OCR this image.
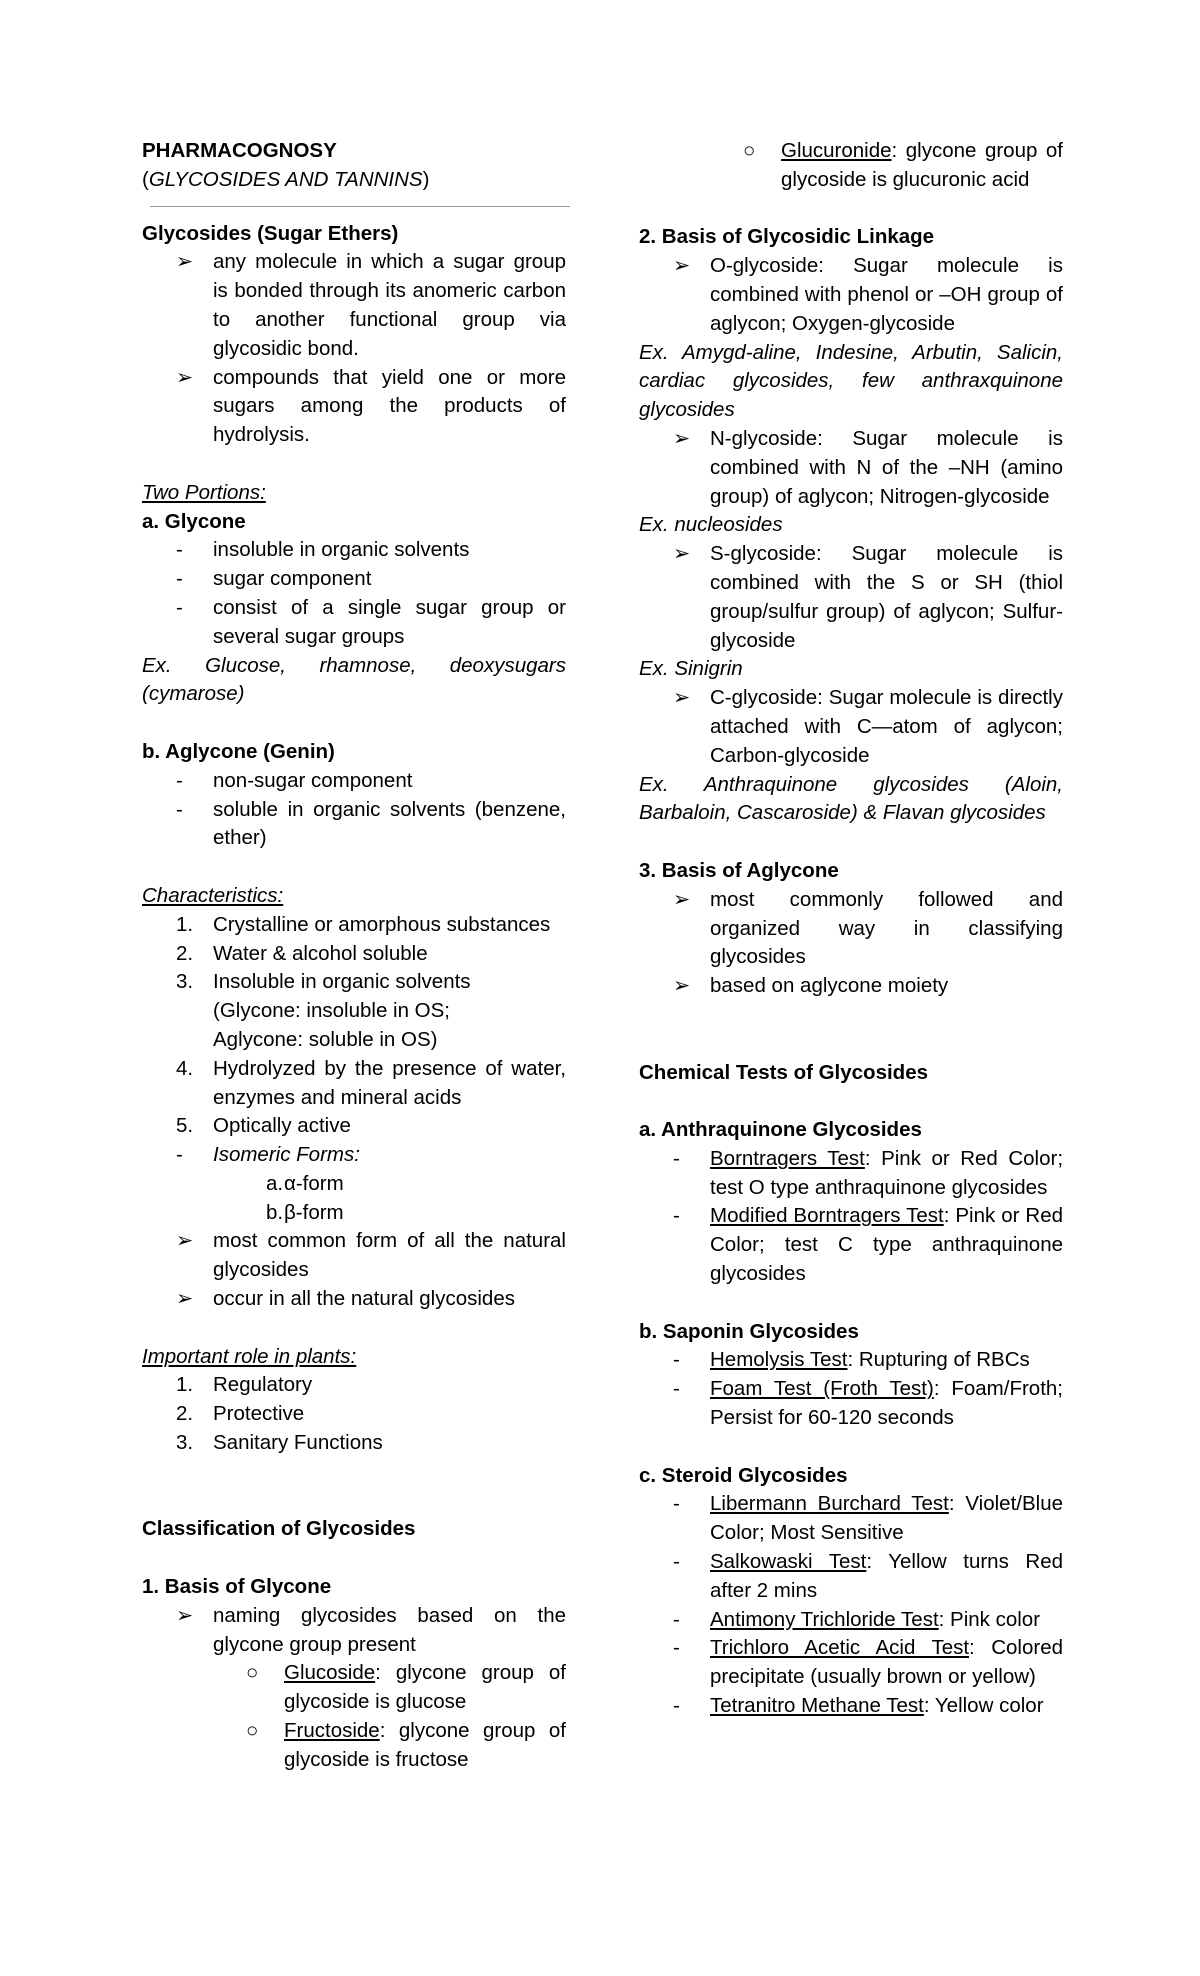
PHARMACOGNOSY

(GLYCOSIDES AND TANNINS)

Glycosides (Sugar Ethers)

➢ any molecule in which a sugar group is bonded through its anomeric carbon to another functional group via glycosidic bond.
➢ compounds that yield one or more sugars among the products of hydrolysis.

Two Portions:

a. Glycone

- insoluble in organic solvents
- sugar component
- consist of a single sugar group or several sugar groups

Ex. Glucose, rhamnose, deoxysugars (cymarose)

b. Aglycone (Genin)

- non-sugar component
- soluble in organic solvents (benzene, ether)

Characteristics:

1. Crystalline or amorphous substances
2. Water & alcohol soluble
3. Insoluble in organic solvents
(Glycone: insoluble in OS;
Aglycone: soluble in OS)
4. Hydrolyzed by the presence of water, enzymes and mineral acids
5. Optically active
- Isomeric Forms:
a. α-form
b. β-form
➢ most common form of all the natural glycosides
➢ occur in all the natural glycosides

Important role in plants:

1. Regulatory
2. Protective
3. Sanitary Functions

Classification of Glycosides

1. Basis of Glycone

➢ naming glycosides based on the glycone group present
○ Glucoside: glycone group of glycoside is glucose
○ Fructoside: glycone group of glycoside is fructose
○ Glucuronide: glycone group of glycoside is glucuronic acid

2. Basis of Glycosidic Linkage

➢ O-glycoside: Sugar molecule is combined with phenol or –OH group of aglycon; Oxygen-glycoside

Ex. Amygd-aline, Indesine, Arbutin, Salicin, cardiac glycosides, few anthraxquinone glycosides

➢ N-glycoside: Sugar molecule is combined with N of the –NH (amino group) of aglycon; Nitrogen-glycoside

Ex. nucleosides

➢ S-glycoside: Sugar molecule is combined with the S or SH (thiol group/sulfur group) of aglycon; Sulfur-glycoside

Ex. Sinigrin

➢ C-glycoside: Sugar molecule is directly attached with C—atom of aglycon; Carbon-glycoside

Ex. Anthraquinone glycosides (Aloin, Barbaloin, Cascaroside) & Flavan glycosides

3. Basis of Aglycone

➢ most commonly followed and organized way in classifying glycosides
➢ based on aglycone moiety

Chemical Tests of Glycosides

a. Anthraquinone Glycosides

- Borntragers Test: Pink or Red Color; test O type anthraquinone glycosides
- Modified Borntragers Test: Pink or Red Color; test C type anthraquinone glycosides

b. Saponin Glycosides

- Hemolysis Test: Rupturing of RBCs
- Foam Test (Froth Test): Foam/Froth; Persist for 60-120 seconds

c. Steroid Glycosides

- Libermann Burchard Test: Violet/Blue Color; Most Sensitive
- Salkowaski Test: Yellow turns Red after 2 mins
- Antimony Trichloride Test: Pink color
- Trichloro Acetic Acid Test: Colored precipitate (usually brown or yellow)
- Tetranitro Methane Test: Yellow color
